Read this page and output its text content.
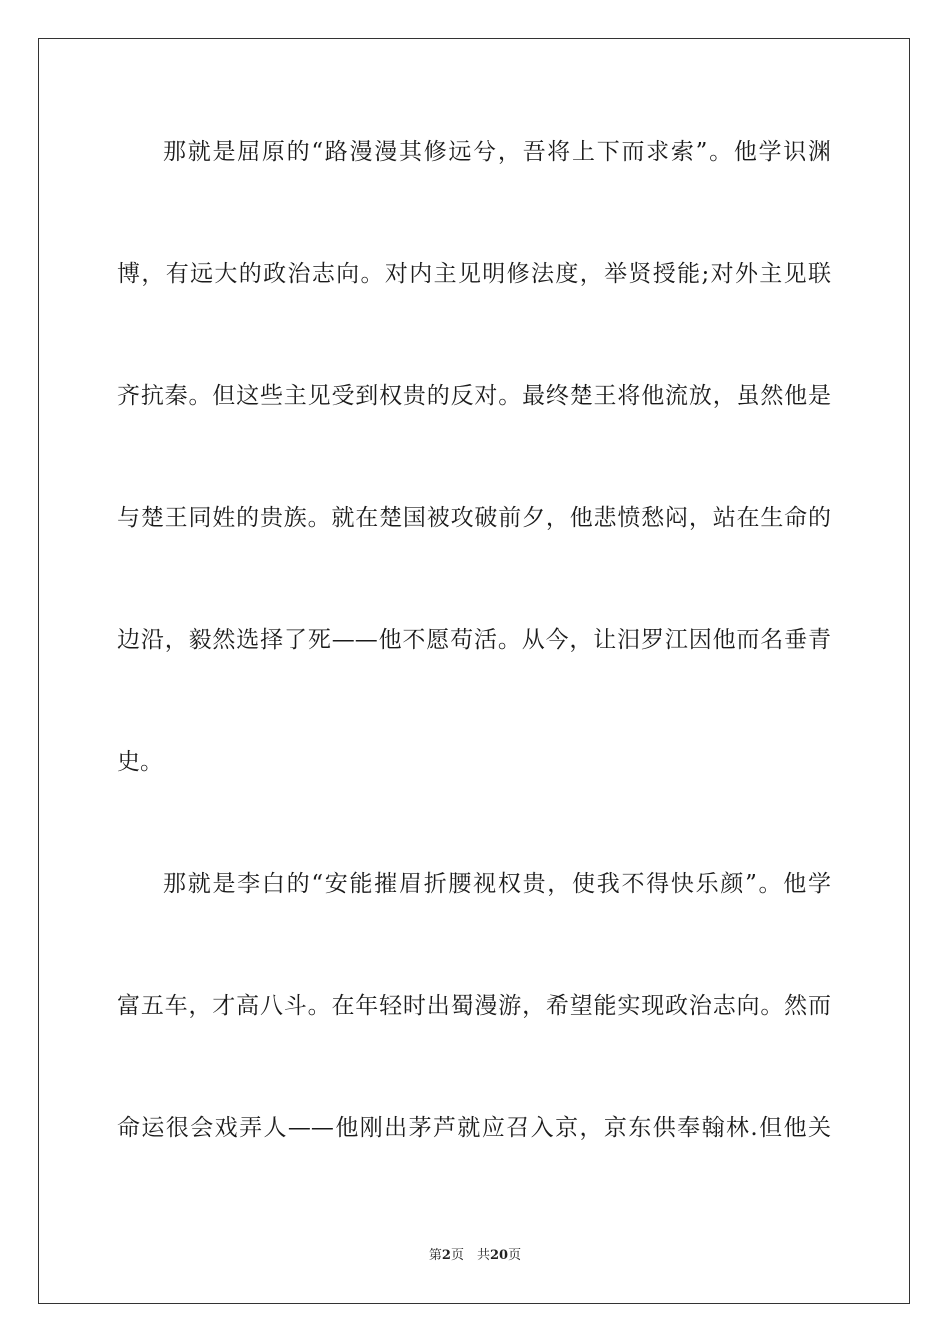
那就是屈原的“路漫漫其修远兮，吾将上下而求索”。他学识渊
博，有远大的政治志向。对内主见明修法度，举贤授能;对外主见联
齐抗秦。但这些主见受到权贵的反对。最终楚王将他流放，虽然他是
与楚王同姓的贵族。就在楚国被攻破前夕，他悲愤愁闷，站在生命的
边沿，毅然选择了死——他不愿苟活。从今，让汨罗江因他而名垂青
史。
那就是李白的“安能摧眉折腰视权贵，使我不得快乐颜”。他学
富五车，才高八斗。在年轻时出蜀漫游，希望能实现政治志向。然而
命运很会戏弄人——他刚出茅芦就应召入京，京东供奉翰林.但他关
第2页  共20页
